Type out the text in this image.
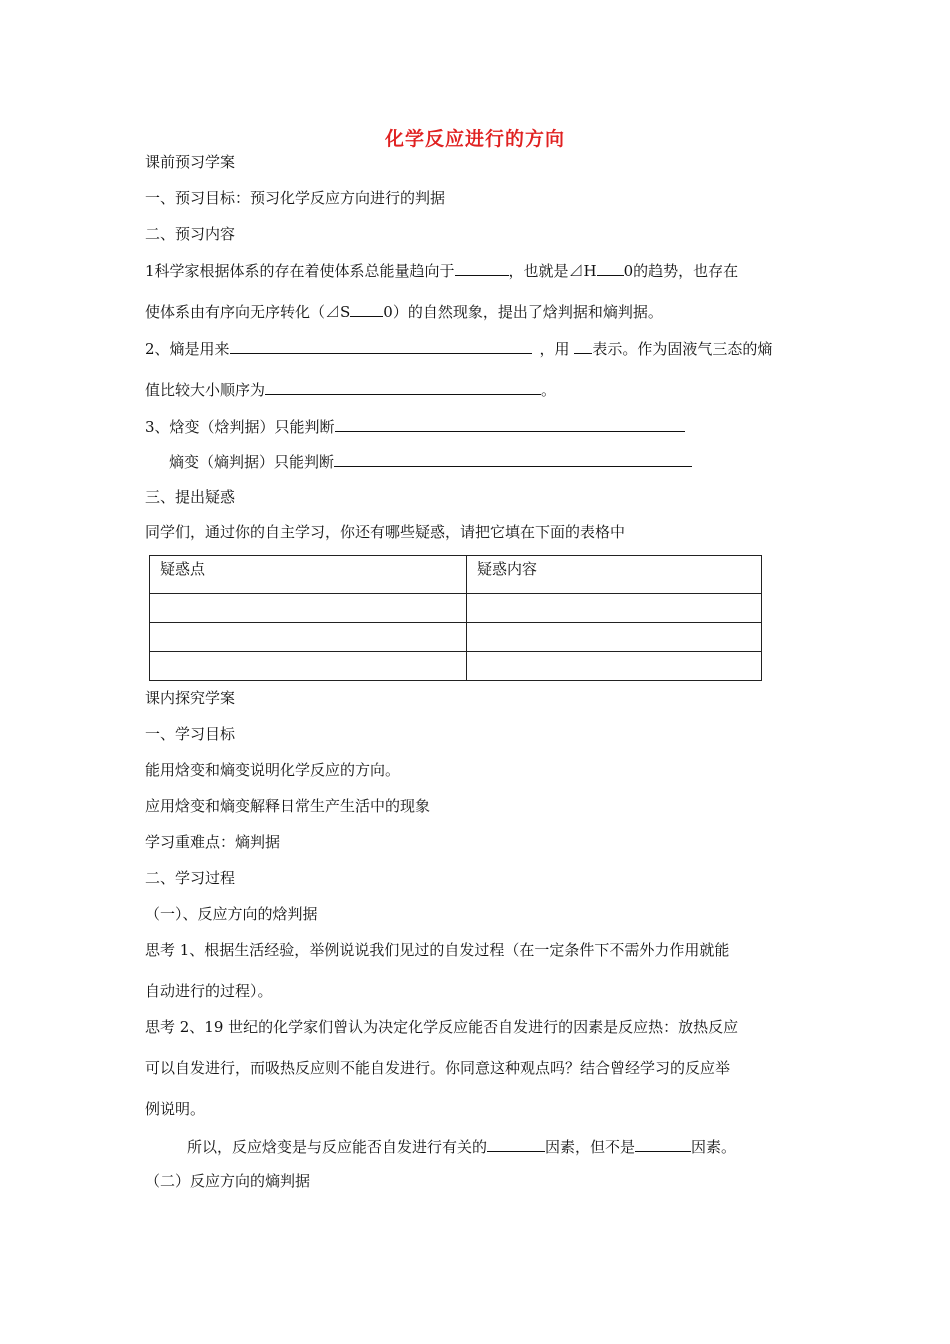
化学反应进行的方向
课前预习学案
一、预习目标：预习化学反应方向进行的判据
二、预习内容
1科学家根据体系的存在着使体系总能量趋向于	，也就是⊿H 0的趋势，也存在
使体系由有序向无序转化（⊿S 0）的自然现象，提出了焓判据和熵判据。
2、熵是用来	，用 表示。作为固液气三态的熵
值比较大小顺序为	。
3、焓变（焓判据）只能判断
熵变（熵判据）只能判断
三、提出疑惑
同学们，通过你的自主学习，你还有哪些疑惑，请把它填在下面的表格中
疑惑点	疑惑内容

课内探究学案
一、学习目标
能用焓变和熵变说明化学反应的方向。
应用焓变和熵变解释日常生产生活中的现象
学习重难点：熵判据
二、学习过程
（一）、反应方向的焓判据
思考 1、根据生活经验，举例说说我们见过的自发过程（在一定条件下不需外力作用就能
自动进行的过程）。
思考 2、19 世纪的化学家们曾认为决定化学反应能否自发进行的因素是反应热：放热反应
可以自发进行，而吸热反应则不能自发进行。你同意这种观点吗？结合曾经学习的反应举
例说明。
所以，反应焓变是与反应能否自发进行有关的	因素，但不是	因素。
（二）反应方向的熵判据
